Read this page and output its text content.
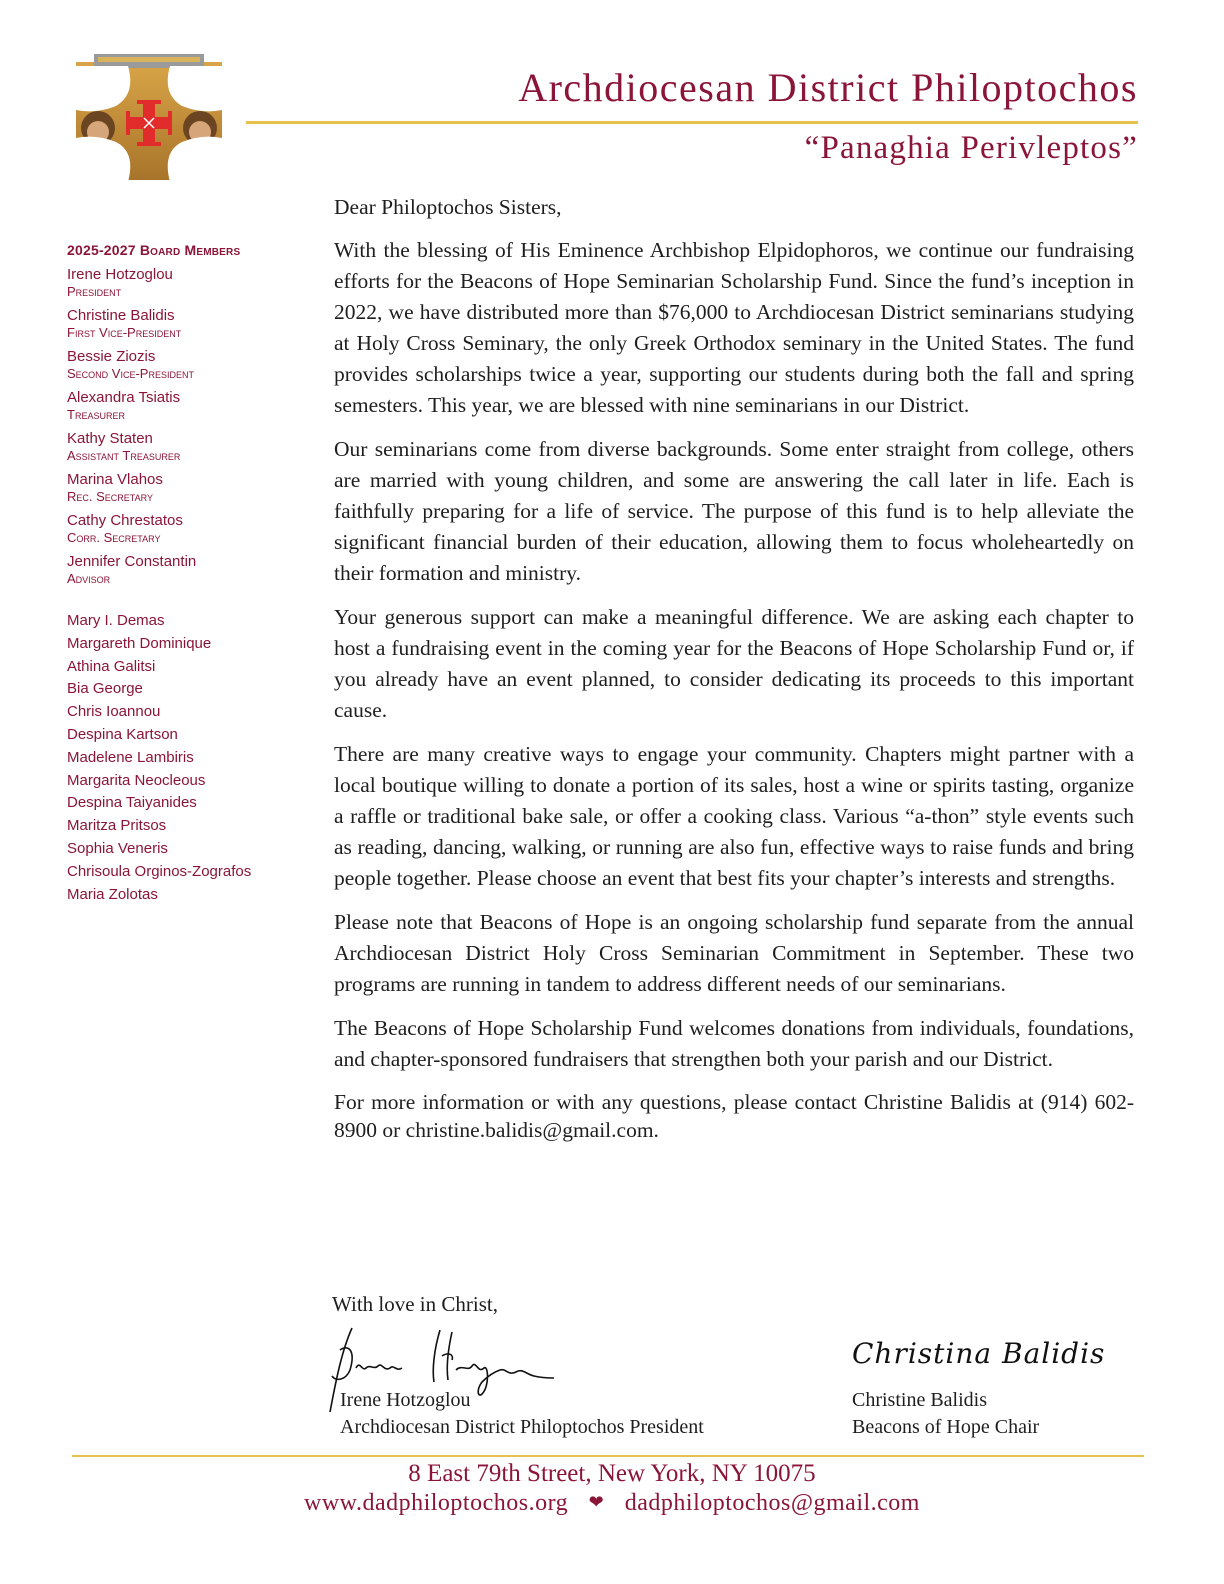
Archdiocesan District Philoptochos
“Panaghia Perivleptos”
2025-2027 Board Members
Irene Hotzoglou
President
Christine Balidis
First Vice-President
Bessie Ziozis
Second Vice-President
Alexandra Tsiatis
Treasurer
Kathy Staten
Assistant Treasurer
Marina Vlahos
Rec. Secretary
Cathy Chrestatos
Corr. Secretary
Jennifer Constantin
Advisor
Mary I. Demas
Margareth Dominique
Athina Galitsi
Bia George
Chris Ioannou
Despina Kartson
Madelene Lambiris
Margarita Neocleous
Despina Taiyanides
Maritza Pritsos
Sophia Veneris
Chrisoula Orginos-Zografos
Maria Zolotas

Dear Philoptochos Sisters,

With the blessing of His Eminence Archbishop Elpidophoros, we continue our fundraising efforts for the Beacons of Hope Seminarian Scholarship Fund. Since the fund’s inception in 2022, we have distributed more than $76,000 to Archdiocesan District seminarians studying at Holy Cross Seminary, the only Greek Orthodox seminary in the United States. The fund provides scholarships twice a year, supporting our students during both the fall and spring semesters. This year, we are blessed with nine seminarians in our District.

Our seminarians come from diverse backgrounds. Some enter straight from college, others are married with young children, and some are answering the call later in life. Each is faithfully preparing for a life of service. The purpose of this fund is to help alleviate the significant financial burden of their education, allowing them to focus wholeheartedly on their formation and ministry.

Your generous support can make a meaningful difference. We are asking each chapter to host a fundraising event in the coming year for the Beacons of Hope Scholarship Fund or, if you already have an event planned, to consider dedicating its proceeds to this important cause.

There are many creative ways to engage your community. Chapters might partner with a local boutique willing to donate a portion of its sales, host a wine or spirits tasting, organize a raffle or traditional bake sale, or offer a cooking class. Various “a-thon” style events such as reading, dancing, walking, or running are also fun, effective ways to raise funds and bring people together. Please choose an event that best fits your chapter’s interests and strengths.

Please note that Beacons of Hope is an ongoing scholarship fund separate from the annual Archdiocesan District Holy Cross Seminarian Commitment in September. These two programs are running in tandem to address different needs of our seminarians.

The Beacons of Hope Scholarship Fund welcomes donations from individuals, foundations, and chapter-sponsored fundraisers that strengthen both your parish and our District.

For more information or with any questions, please contact Christine Balidis at (914) 602-8900 or christine.balidis@gmail.com.

With love in Christ,
Irene Hotzoglou
Archdiocesan District Philoptochos President
Christina Balidis
Christine Balidis
Beacons of Hope Chair
8 East 79th Street, New York, NY 10075
www.dadphiloptochos.org ❤ dadphiloptochos@gmail.com
